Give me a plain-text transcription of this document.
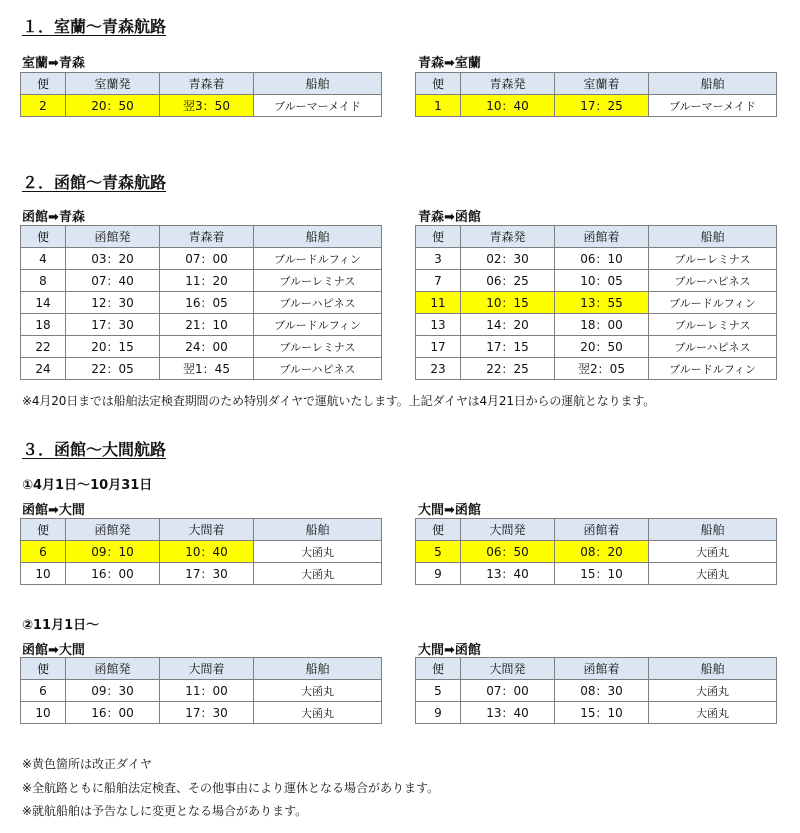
１．室蘭～青森航路
室蘭➡青森	青森➡室蘭
便	室蘭発	青森着	船舶
2	20：50	翌3：50	ブルーマーメイド
便	青森発	室蘭着	船舶
1	10：40	17：25	ブルーマーメイド
２．函館～青森航路
函館➡青森	青森➡函館
便	函館発	青森着	船舶
4	03：20	07：00	ブルードルフィン
8	07：40	11：20	ブルーレミナス
14	12：30	16：05	ブルーハピネス
18	17：30	21：10	ブルードルフィン
22	20：15	24：00	ブルーレミナス
24	22：05	翌1：45	ブルーハピネス
便	青森発	函館着	船舶
3	02：30	06：10	ブルーレミナス
7	06：25	10：05	ブルーハピネス
11	10：15	13：55	ブルードルフィン
13	14：20	18：00	ブルーレミナス
17	17：15	20：50	ブルーハピネス
23	22：25	翌2：05	ブルードルフィン
※4月20日までは船舶法定検査期間のため特別ダイヤで運航いたします。上記ダイヤは4月21日からの運航となります。
３．函館～大間航路
①4月1日～10月31日
函館➡大間	大間➡函館
便	函館発	大間着	船舶
6	09：10	10：40	大函丸
10	16：00	17：30	大函丸
便	大間発	函館着	船舶
5	06：50	08：20	大函丸
9	13：40	15：10	大函丸
②11月1日～
函館➡大間	大間➡函館
便	函館発	大間着	船舶
6	09：30	11：00	大函丸
10	16：00	17：30	大函丸
便	大間発	函館着	船舶
5	07：00	08：30	大函丸
9	13：40	15：10	大函丸
※黄色箇所は改正ダイヤ
※全航路ともに船舶法定検査、その他事由により運休となる場合があります。
※就航船舶は予告なしに変更となる場合があります。
